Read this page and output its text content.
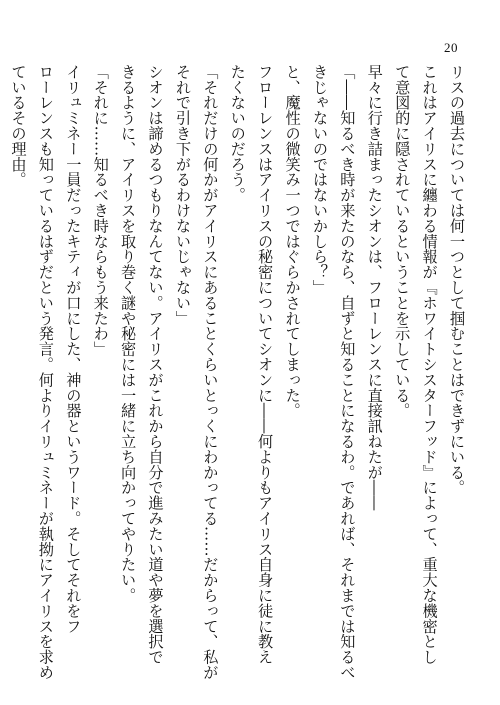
20
リスの過去については何一つとして掴むことはできずにいる。
これはアイリスに纏わる情報が『ホワイトシスターフッド』によって、重大な機密とし
て意図的に隠されているということを示している。
早々に行き詰まったシオンは、フローレンスに直接訊ねたが――
「――知るべき時が来たのなら、自ずと知ることになるわ。であれば、それまでは知るべ
きじゃないのではないかしら？」
と、魔性の微笑み一つではぐらかされてしまった。
フローレンスはアイリスの秘密についてシオンに――何よりもアイリス自身に徒に教え
たくないのだろう。
「それだけの何かがアイリスにあることくらいとっくにわかってる……だからって、私が
それで引き下がるわけないじゃない」
シオンは諦めるつもりなんてない。アイリスがこれから自分で進みたい道や夢を選択で
きるように、アイリスを取り巻く謎や秘密には一緒に立ち向かってやりたい。
「それに……知るべき時ならもう来たわ」
イリュミネー一員だったキティが口にした、神の器というワード。そしてそれをフ
ローレンスも知っているはずだという発言。何よりイリュミネーが執拗にアイリスを求め
ているその理由。
